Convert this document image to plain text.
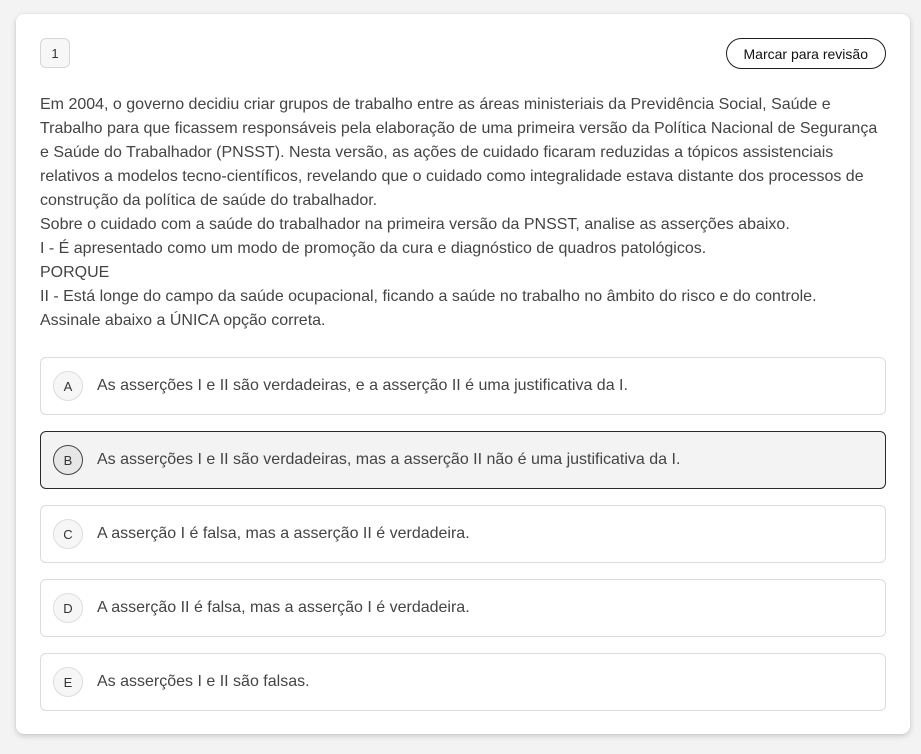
1	Marcar para revisão

Em 2004, o governo decidiu criar grupos de trabalho entre as áreas ministeriais da Previdência Social, Saúde e Trabalho para que ficassem responsáveis pela elaboração de uma primeira versão da Política Nacional de Segurança e Saúde do Trabalhador (PNSST). Nesta versão, as ações de cuidado ficaram reduzidas a tópicos assistenciais relativos a modelos tecno-científicos, revelando que o cuidado como integralidade estava distante dos processos de construção da política de saúde do trabalhador.

Sobre o cuidado com a saúde do trabalhador na primeira versão da PNSST, analise as asserções abaixo.

I - É apresentado como um modo de promoção da cura e diagnóstico de quadros patológicos.

PORQUE

II - Está longe do campo da saúde ocupacional, ficando a saúde no trabalho no âmbito do risco e do controle.

Assinale abaixo a ÚNICA opção correta.

A	As asserções I e II são verdadeiras, e a asserção II é uma justificativa da I.
B	As asserções I e II são verdadeiras, mas a asserção II não é uma justificativa da I.
C	A asserção I é falsa, mas a asserção II é verdadeira.
D	A asserção II é falsa, mas a asserção I é verdadeira.
E	As asserções I e II são falsas.
